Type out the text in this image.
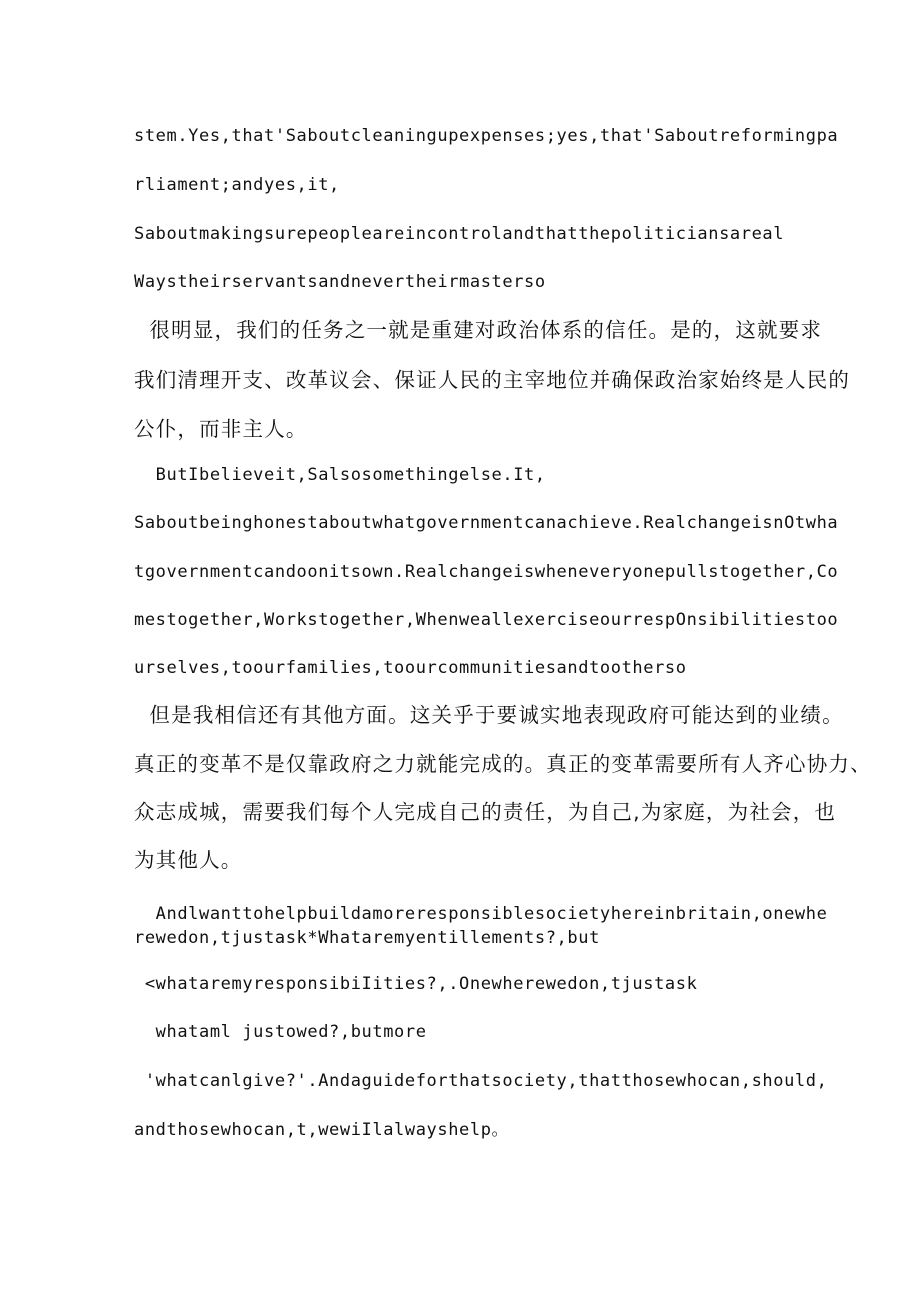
stem.Yes,that'Saboutcleaningupexpenses;yes,that'Saboutreformingpa
rliament;andyes,it,
Saboutmakingsurepeopleareincontrolandthatthepoliticiansareal
Waystheirservantsandnevertheirmasterso
很明显，我们的任务之一就是重建对政治体系的信任。是的，这就要求
我们清理开支、改革议会、保证人民的主宰地位并确保政治家始终是人民的
公仆，而非主人。
ButIbelieveit,Salsosomethingelse.It,
Saboutbeinghonestaboutwhatgovernmentcanachieve.RealchangeisnOtwha
tgovernmentcandoonitsown.Realchangeiswheneveryonepullstogether,Co
mestogether,Workstogether,WhenweallexerciseourrespOnsibilitiestoo
urselves,toourfamilies,toourcommunitiesandtootherso
但是我相信还有其他方面。这关乎于要诚实地表现政府可能达到的业绩。
真正的变革不是仅靠政府之力就能完成的。真正的变革需要所有人齐心协力、
众志成城，需要我们每个人完成自己的责任，为自己,为家庭，为社会，也
为其他人。
Andlwanttohelpbuildamoreresponsiblesocietyhereinbritain,onewhe
rewedon,tjustask*Whataremyentillements?,but
<whataremyresponsibiIities?,.Onewherewedon,tjustask
whataml justowed?,butmore
'whatcanlgive?'.Andaguideforthatsociety,thatthosewhocan,should,
andthosewhocan,t,wewiIlalwayshelp。
